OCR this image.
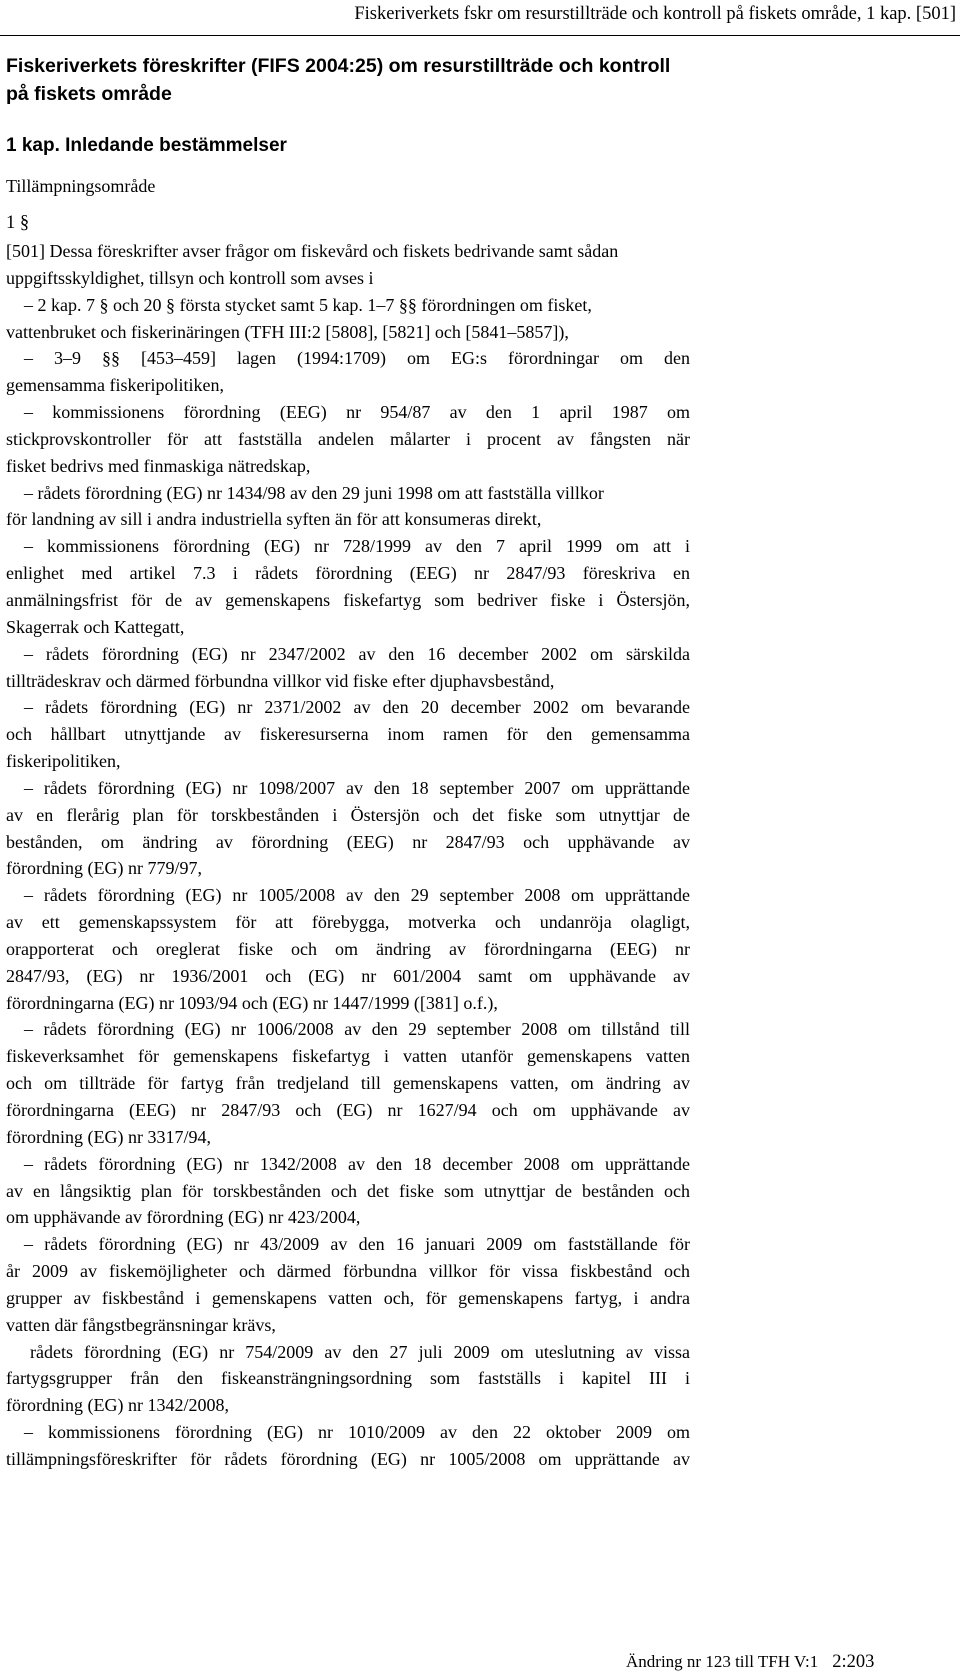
Fiskeriverkets fskr om resurstillträde och kontroll på fiskets område, 1 kap. [501]
Fiskeriverkets föreskrifter (FIFS 2004:25) om resurstillträde och kontroll på fiskets område
1 kap. Inledande bestämmelser
Tillämpningsområde
1 §

[501] Dessa föreskrifter avser frågor om fiskevård och fiskets bedrivande samt sådan

uppgiftsskyldighet, tillsyn och kontroll som avses i

– 2 kap. 7 § och 20 § första stycket samt 5 kap. 1–7 §§ förordningen om fisket,

vattenbruket och fiskerinäringen (TFH III:2 [5808], [5821] och [5841–5857]),

– 3–9 §§ [453–459] lagen (1994:1709) om EG:s förordningar om den

gemensamma fiskeripolitiken,

– kommissionens förordning (EEG) nr 954/87 av den 1 april 1987 om

stickprovskontroller för att fastställa andelen målarter i procent av fångsten när

fisket bedrivs med finmaskiga nätredskap,

– rådets förordning (EG) nr 1434/98 av den 29 juni 1998 om att fastställa villkor

för landning av sill i andra industriella syften än för att konsumeras direkt,

– kommissionens förordning (EG) nr 728/1999 av den 7 april 1999 om att i

enlighet med artikel 7.3 i rådets förordning (EEG) nr 2847/93 föreskriva en

anmälningsfrist för de av gemenskapens fiskefartyg som bedriver fiske i Östersjön,

Skagerrak och Kattegatt,

– rådets förordning (EG) nr 2347/2002 av den 16 december 2002 om särskilda

tillträdeskrav och därmed förbundna villkor vid fiske efter djuphavsbestånd,

– rådets förordning (EG) nr 2371/2002 av den 20 december 2002 om bevarande

och hållbart utnyttjande av fiskeresurserna inom ramen för den gemensamma

fiskeripolitiken,

– rådets förordning (EG) nr 1098/2007 av den 18 september 2007 om upprättande

av en flerårig plan för torskbestånden i Östersjön och det fiske som utnyttjar de

bestånden, om ändring av förordning (EEG) nr 2847/93 och upphävande av

förordning (EG) nr 779/97,

– rådets förordning (EG) nr 1005/2008 av den 29 september 2008 om upprättande

av ett gemenskapssystem för att förebygga, motverka och undanröja olagligt,

orapporterat och oreglerat fiske och om ändring av förordningarna (EEG) nr

2847/93, (EG) nr 1936/2001 och (EG) nr 601/2004 samt om upphävande av

förordningarna (EG) nr 1093/94 och (EG) nr 1447/1999 ([381] o.f.),

– rådets förordning (EG) nr 1006/2008 av den 29 september 2008 om tillstånd till

fiskeverksamhet för gemenskapens fiskefartyg i vatten utanför gemenskapens vatten

och om tillträde för fartyg från tredjeland till gemenskapens vatten, om ändring av

förordningarna (EEG) nr 2847/93 och (EG) nr 1627/94 och om upphävande av

förordning (EG) nr 3317/94,

– rådets förordning (EG) nr 1342/2008 av den 18 december 2008 om upprättande

av en långsiktig plan för torskbestånden och det fiske som utnyttjar de bestånden och

om upphävande av förordning (EG) nr 423/2004,

– rådets förordning (EG) nr 43/2009 av den 16 januari 2009 om fastställande för

år 2009 av fiskemöjligheter och därmed förbundna villkor för vissa fiskbestånd och

grupper av fiskbestånd i gemenskapens vatten och, för gemenskapens fartyg, i andra

vatten där fångstbegränsningar krävs,

rådets förordning (EG) nr 754/2009 av den 27 juli 2009 om uteslutning av vissa

fartygsgrupper från den fiskeansträngningsordning som fastställs i kapitel III i

förordning (EG) nr 1342/2008,

– kommissionens förordning (EG) nr 1010/2009 av den 22 oktober 2009 om

tillämpningsföreskrifter för rådets förordning (EG) nr 1005/2008 om upprättande av

Ändring nr 123 till TFH V:1 2:203
